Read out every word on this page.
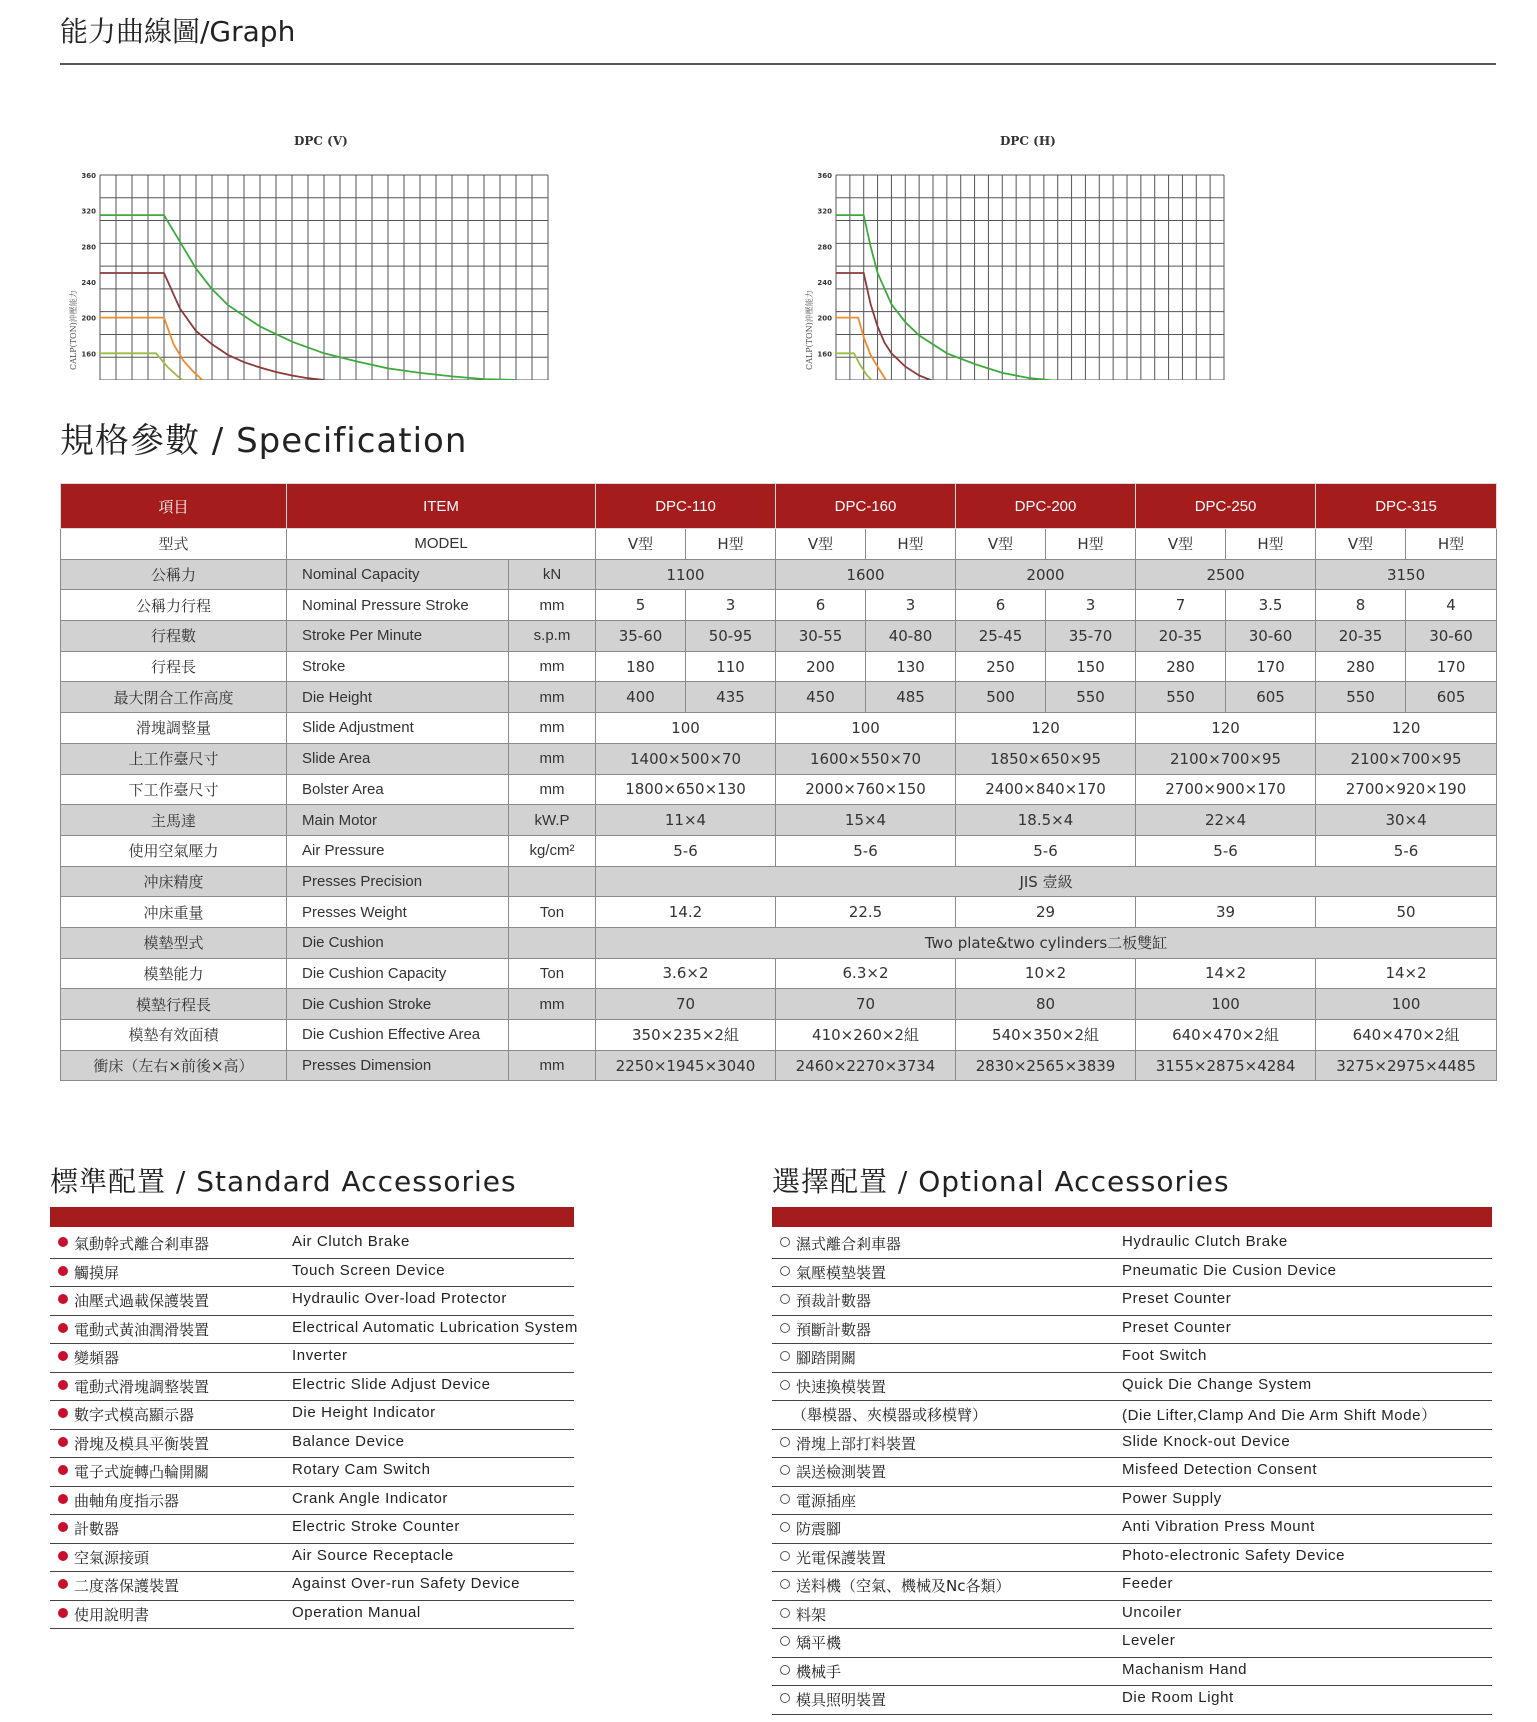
能力曲線圖/Graph
DPC (V)
160
200
240
280
320
360
CALP(TON)沖壓能力
DPC (H)
160
200
240
280
320
360
CALP(TON)沖壓能力
規格參數 / Specification
項目	ITEM		DPC-110		DPC-160		DPC-200		DPC-250		DPC-315	
型式	MODEL		V型	H型	V型	H型	V型	H型	V型	H型	V型	H型
公稱力	Nominal Capacity	kN	1100		1600		2000		2500		3150	
公稱力行程	Nominal Pressure Stroke	mm	5	3	6	3	6	3	7	3.5	8	4
行程數	Stroke Per Minute	s.p.m	35-60	50-95	30-55	40-80	25-45	35-70	20-35	30-60	20-35	30-60
行程長	Stroke	mm	180	110	200	130	250	150	280	170	280	170
最大閉合工作高度	Die Height	mm	400	435	450	485	500	550	550	605	550	605
滑塊調整量	Slide Adjustment	mm	100		100		120		120		120	
上工作臺尺寸	Slide Area	mm	1400×500×70		1600×550×70		1850×650×95		2100×700×95		2100×700×95	
下工作臺尺寸	Bolster Area	mm	1800×650×130		2000×760×150		2400×840×170		2700×900×170		2700×920×190	
主馬達	Main Motor	kW.P	11×4		15×4		18.5×4		22×4		30×4	
使用空氣壓力	Air Pressure	kg/cm²	5-6		5-6		5-6		5-6		5-6	
冲床精度	Presses Precision		JIS 壹級									
冲床重量	Presses Weight	Ton	14.2		22.5		29		39		50	
模墊型式	Die Cushion		Two plate&two cylinders二板雙缸									
模墊能力	Die Cushion Capacity	Ton	3.6×2		6.3×2		10×2		14×2		14×2	
模墊行程長	Die Cushion Stroke	mm	70		70		80		100		100	
模墊有效面積	Die Cushion Effective Area		350×235×2組		410×260×2組		540×350×2組		640×470×2組		640×470×2組	
衝床（左右×前後×高）	Presses Dimension	mm	2250×1945×3040		2460×2270×3734		2830×2565×3839		3155×2875×4284		3275×2975×4485	
標準配置 / Standard Accessories
氣動幹式離合剎車器	Air Clutch Brake
觸摸屏	Touch Screen Device
油壓式過載保護裝置	Hydraulic Over-load Protector
電動式黃油潤滑裝置	Electrical Automatic Lubrication System
變頻器	Inverter
電動式滑塊調整裝置	Electric Slide Adjust Device
數字式模高顯示器	Die Height Indicator
滑塊及模具平衡裝置	Balance Device
電子式旋轉凸輪開關	Rotary Cam Switch
曲軸角度指示器	Crank Angle Indicator
計數器	Electric Stroke Counter
空氣源接頭	Air Source Receptacle
二度落保護裝置	Against Over-run Safety Device
使用說明書	Operation Manual
選擇配置 / Optional Accessories
濕式離合剎車器	Hydraulic Clutch Brake
氣壓模墊裝置	Pneumatic Die Cusion Device
預裁計數器	Preset Counter
預斷計數器	Preset Counter
腳踏開關	Foot Switch
快速換模裝置	Quick Die Change System
（舉模器、夾模器或移模臂）	(Die Lifter,Clamp And Die Arm Shift Mode）
滑塊上部打料裝置	Slide Knock-out Device
誤送檢測裝置	Misfeed Detection Consent
電源插座	Power Supply
防震腳	Anti Vibration Press Mount
光電保護裝置	Photo-electronic Safety Device
送料機（空氣、機械及Nc各類）	Feeder
料架	Uncoiler
矯平機	Leveler
機械手	Machanism Hand
模具照明裝置	Die Room Light
